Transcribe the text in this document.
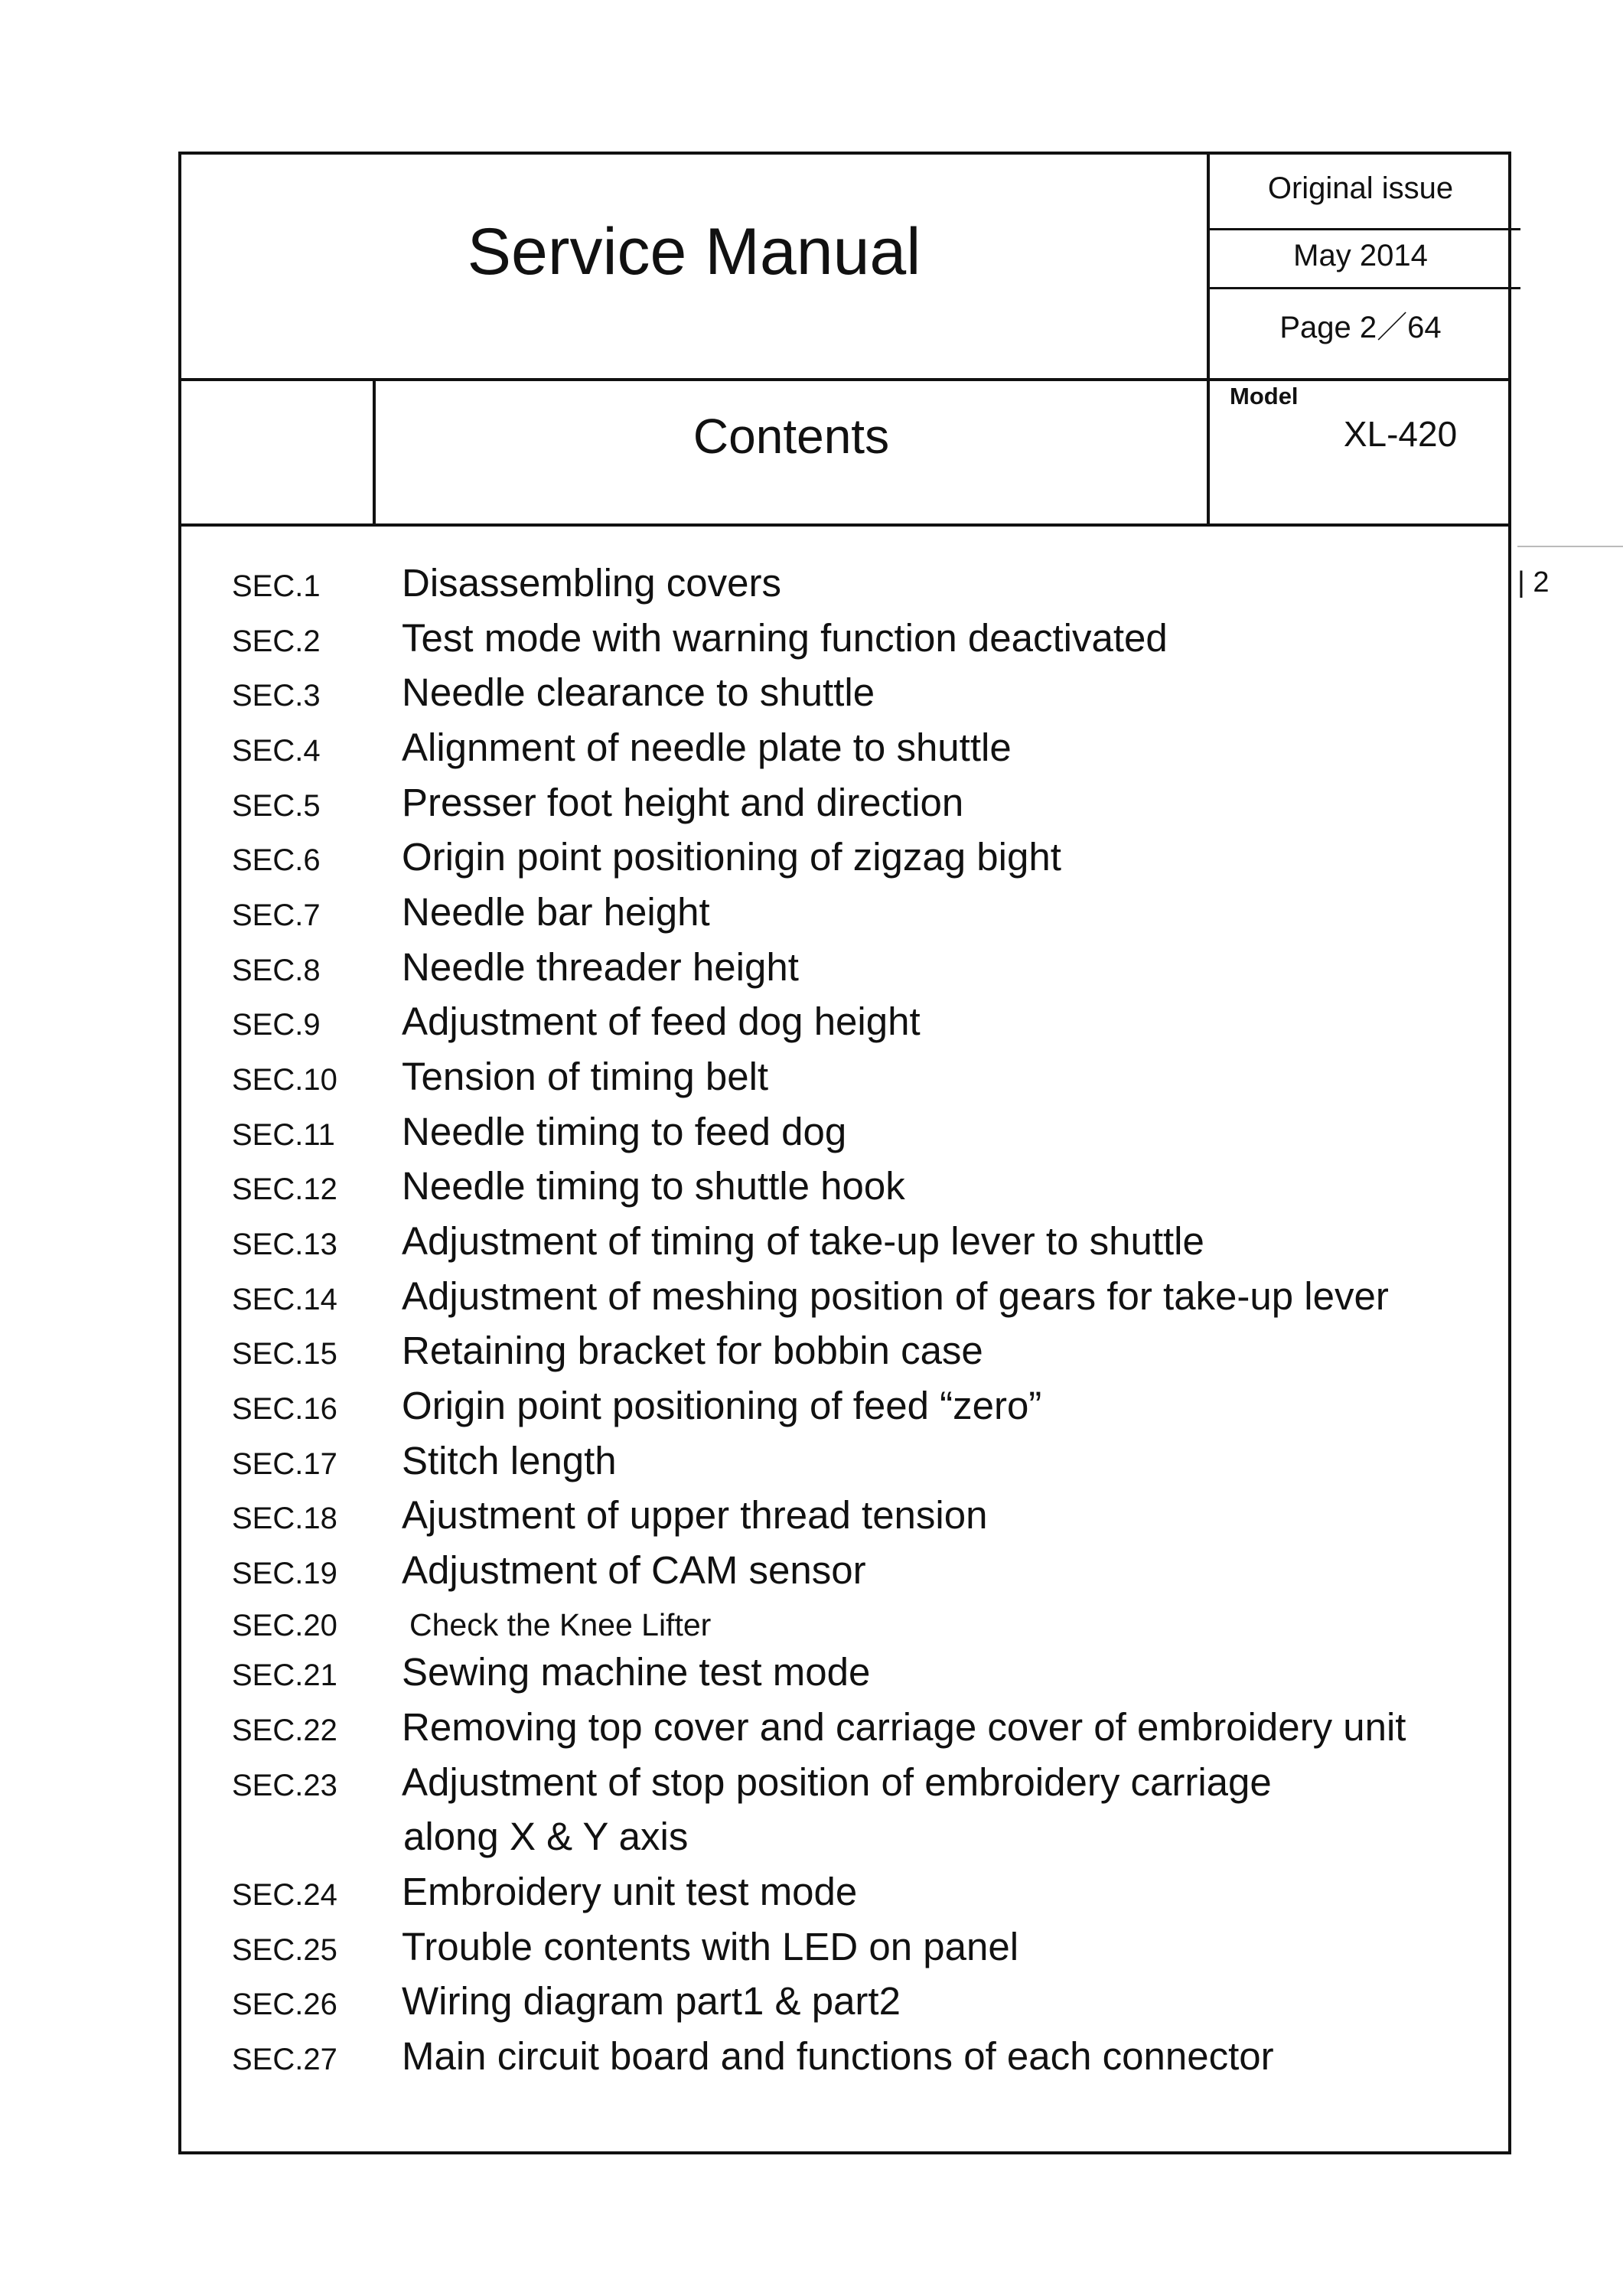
Service Manual
Contents
Original issue
May 2014
Page 2／64
Model
XL-420
| 2
SEC.1 Disassembling covers
SEC.2 Test mode with warning function deactivated
SEC.3 Needle clearance to shuttle
SEC.4 Alignment of needle plate to shuttle
SEC.5 Presser foot height and direction
SEC.6 Origin point positioning of zigzag bight
SEC.7 Needle bar height
SEC.8 Needle threader height
SEC.9 Adjustment of feed dog height
SEC.10 Tension of timing belt
SEC.11 Needle timing to feed dog
SEC.12 Needle timing to shuttle hook
SEC.13 Adjustment of timing of take-up lever to shuttle
SEC.14 Adjustment of meshing position of gears for take-up lever
SEC.15 Retaining bracket for bobbin case
SEC.16 Origin point positioning of feed “zero”
SEC.17 Stitch length
SEC.18 Ajustment of upper thread tension
SEC.19 Adjustment of CAM sensor
SEC.20 Check the Knee Lifter
SEC.21 Sewing machine test mode
SEC.22 Removing top cover and carriage cover of embroidery unit
SEC.23 Adjustment of stop position of embroidery carriage
along X & Y axis
SEC.24 Embroidery unit test mode
SEC.25 Trouble contents with LED on panel
SEC.26 Wiring diagram part1 & part2
SEC.27 Main circuit board and functions of each connector
